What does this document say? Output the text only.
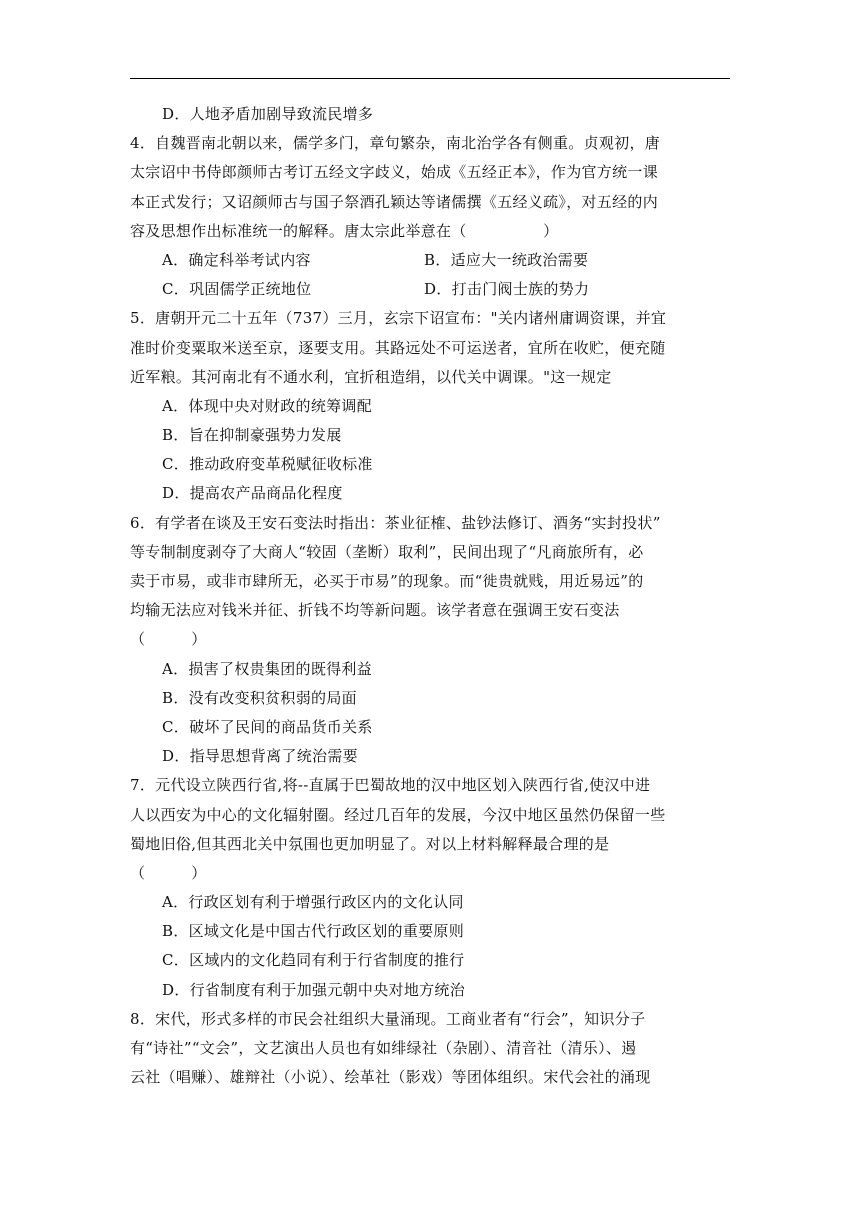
D．人地矛盾加剧导致流民增多
4．自魏晋南北朝以来，儒学多门，章句繁杂，南北治学各有侧重。贞观初，唐
太宗诏中书侍郎颜师古考订五经文字歧义，始成《五经正本》，作为官方统一课
本正式发行；又诏颜师古与国子祭酒孔颖达等诸儒撰《五经义疏》，对五经的内
容及思想作出标准统一的解释。唐太宗此举意在（　　　　　）
A．确定科举考试内容	B．适应大一统政治需要
C．巩固儒学正统地位	D．打击门阀士族的势力
5．唐朝开元二十五年（737）三月，玄宗下诏宣布："关内诸州庸调资课，并宜
准时价变粟取米送至京，逐要支用。其路远处不可运送者，宜所在收贮，便充随
近军粮。其河南北有不通水利，宜折租造绢，以代关中调课。"这一规定
A．体现中央对财政的统筹调配
B．旨在抑制豪强势力发展
C．推动政府变革税赋征收标准
D．提高农产品商品化程度
6．有学者在谈及王安石变法时指出：茶业征榷、盐钞法修订、酒务“实封投状”
等专制制度剥夺了大商人“较固（垄断）取利”，民间出现了“凡商旅所有，必
卖于市易，或非市肆所无，必买于市易”的现象。而“徙贵就贱，用近易远”的
均输无法应对钱米并征、折钱不均等新问题。该学者意在强调王安石变法
（　　　）
A．损害了权贵集团的既得利益
B．没有改变积贫积弱的局面
C．破坏了民间的商品货币关系
D．指导思想背离了统治需要
7．元代设立陕西行省,将-‐直属于巴蜀故地的汉中地区划入陕西行省,使汉中进
人以西安为中心的文化辐射圈。经过几百年的发展，今汉中地区虽然仍保留一些
蜀地旧俗,但其西北关中氛围也更加明显了。对以上材料解释最合理的是
（　　　）
A．行政区划有利于增强行政区内的文化认同
B．区域文化是中国古代行政区划的重要原则
C．区域内的文化趋同有利于行省制度的推行
D．行省制度有利于加强元朝中央对地方统治
8．宋代，形式多样的市民会社组织大量涌现。工商业者有“行会”，知识分子
有“诗社”“文会”，文艺演出人员也有如绯绿社（杂剧）、清音社（清乐）、遏
云社（唱赚）、雄辩社（小说）、绘革社（影戏）等团体组织。宋代会社的涌现
